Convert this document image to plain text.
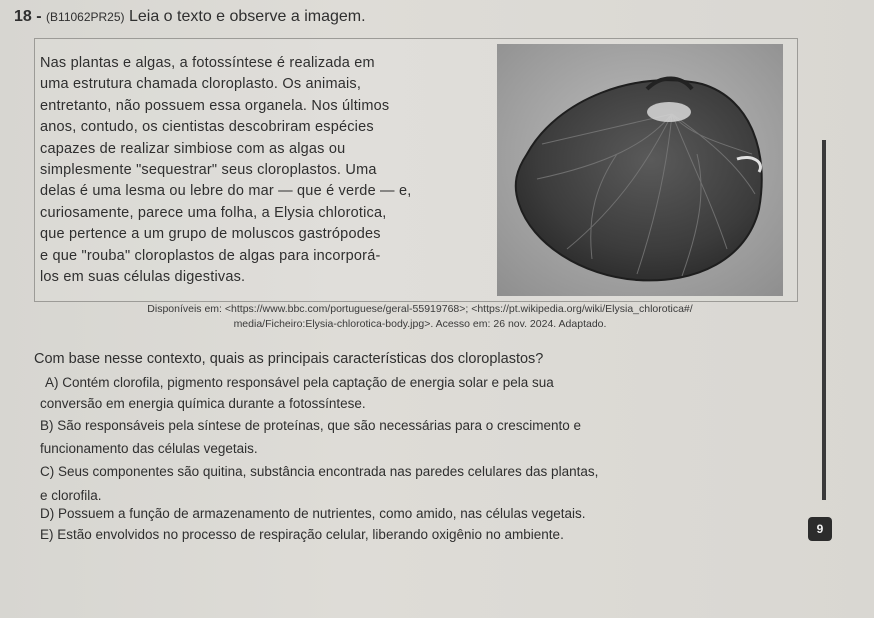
18 - (B11062PR25) Leia o texto e observe a imagem.
Nas plantas e algas, a fotossíntese é realizada em
uma estrutura chamada cloroplasto. Os animais,
entretanto, não possuem essa organela. Nos últimos
anos, contudo, os cientistas descobriram espécies
capazes de realizar simbiose com as algas ou
simplesmente "sequestrar" seus cloroplastos. Uma
delas é uma lesma ou lebre do mar — que é verde — e,
curiosamente, parece uma folha, a Elysia chlorotica,
que pertence a um grupo de moluscos gastrópodes
e que "rouba" cloroplastos de algas para incorporá-
los em suas células digestivas.
Disponíveis em: <https://www.bbc.com/portuguese/geral-55919768>; <https://pt.wikipedia.org/wiki/Elysia_chlorotica#/
media/Ficheiro:Elysia-chlorotica-body.jpg>. Acesso em: 26 nov. 2024. Adaptado.
Com base nesse contexto, quais as principais características dos cloroplastos?
A) Contém clorofila, pigmento responsável pela captação de energia solar e pela sua
conversão em energia química durante a fotossíntese.
B) São responsáveis pela síntese de proteínas, que são necessárias para o crescimento e
funcionamento das células vegetais.
C) Seus componentes são quitina, substância encontrada nas paredes celulares das plantas,
e clorofila.
D) Possuem a função de armazenamento de nutrientes, como amido, nas células vegetais.
E) Estão envolvidos no processo de respiração celular, liberando oxigênio no ambiente.	9
